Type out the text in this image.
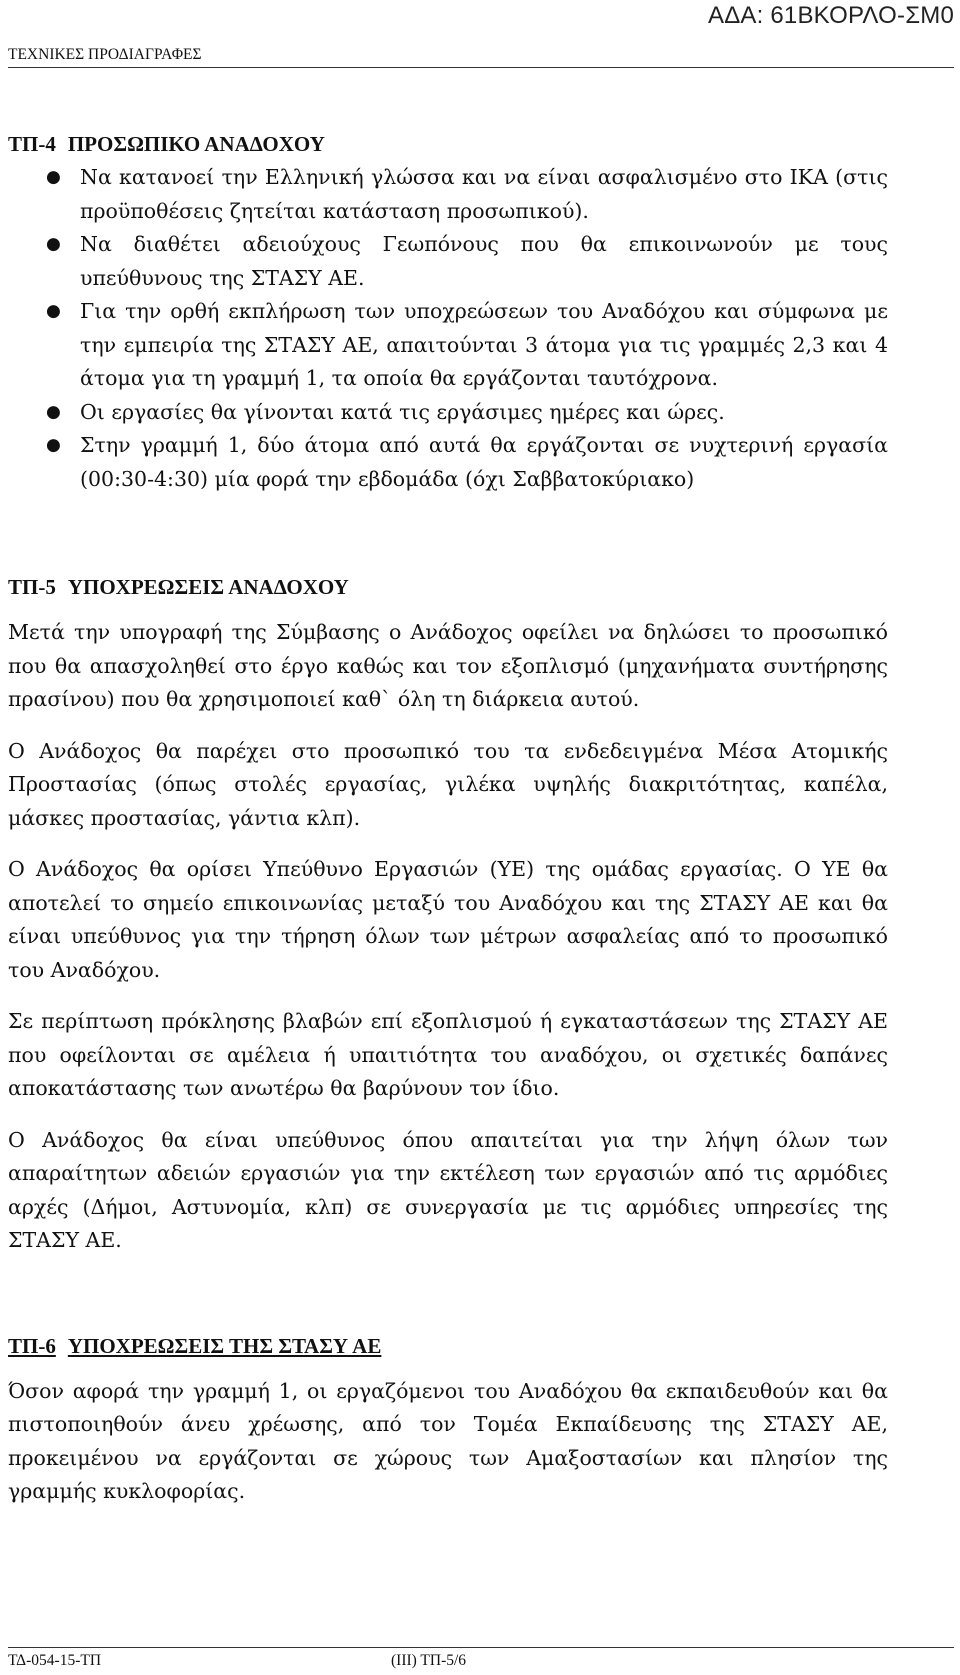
ΑΔΑ: 61ΒΚΟΡΛΟ-ΣΜ0
ΤΕΧΝΙΚΕΣ ΠΡΟΔΙΑΓΡΑΦΕΣ
ΤΠ-4 ΠΡΟΣΩΠΙΚΟ ΑΝΑΔΟΧΟΥ
● Να κατανοεί την Ελληνική γλώσσα και να είναι ασφαλισμένο στο ΙΚΑ (στις προϋποθέσεις ζητείται κατάσταση προσωπικού).
● Να διαθέτει αδειούχους Γεωπόνους που θα επικοινωνούν με τους υπεύθυνους της ΣΤΑΣΥ ΑΕ.
● Για την ορθή εκπλήρωση των υποχρεώσεων του Αναδόχου και σύμφωνα με την εμπειρία της ΣΤΑΣΥ ΑΕ, απαιτούνται 3 άτομα για τις γραμμές 2,3 και 4 άτομα για τη γραμμή 1, τα οποία θα εργάζονται ταυτόχρονα.
● Οι εργασίες θα γίνονται κατά τις εργάσιμες ημέρες και ώρες.
● Στην γραμμή 1, δύο άτομα από αυτά θα εργάζονται σε νυχτερινή εργασία (00:30-4:30) μία φορά την εβδομάδα (όχι Σαββατοκύριακο)
ΤΠ-5 ΥΠΟΧΡΕΩΣΕΙΣ ΑΝΑΔΟΧΟΥ

Μετά την υπογραφή της Σύμβασης ο Ανάδοχος οφείλει να δηλώσει το προσωπικό που θα απασχοληθεί στο έργο καθώς και τον εξοπλισμό (μηχανήματα συντήρησης πρασίνου) που θα χρησιμοποιεί καθ` όλη τη διάρκεια αυτού.

Ο Ανάδοχος θα παρέχει στο προσωπικό του τα ενδεδειγμένα Μέσα Ατομικής Προστασίας (όπως στολές εργασίας, γιλέκα υψηλής διακριτότητας, καπέλα, μάσκες προστασίας, γάντια κλπ).

Ο Ανάδοχος θα ορίσει Υπεύθυνο Εργασιών (ΥΕ) της ομάδας εργασίας. Ο ΥΕ θα αποτελεί το σημείο επικοινωνίας μεταξύ του Αναδόχου και της ΣΤΑΣΥ ΑΕ και θα είναι υπεύθυνος για την τήρηση όλων των μέτρων ασφαλείας από το προσωπικό του Αναδόχου.

Σε περίπτωση πρόκλησης βλαβών επί εξοπλισμού ή εγκαταστάσεων της ΣΤΑΣΥ ΑΕ που οφείλονται σε αμέλεια ή υπαιτιότητα του αναδόχου, οι σχετικές δαπάνες αποκατάστασης των ανωτέρω θα βαρύνουν τον ίδιο.

Ο Ανάδοχος θα είναι υπεύθυνος όπου απαιτείται για την λήψη όλων των απαραίτητων αδειών εργασιών για την εκτέλεση των εργασιών από τις αρμόδιες αρχές (Δήμοι, Αστυνομία, κλπ) σε συνεργασία με τις αρμόδιες υπηρεσίες της ΣΤΑΣΥ ΑΕ.

ΤΠ-6 ΥΠΟΧΡΕΩΣΕΙΣ ΤΗΣ ΣΤΑΣΥ ΑΕ

Όσον αφορά την γραμμή 1, οι εργαζόμενοι του Αναδόχου θα εκπαιδευθούν και θα πιστοποιηθούν άνευ χρέωσης, από τον Τομέα Εκπαίδευσης της ΣΤΑΣΥ ΑΕ, προκειμένου να εργάζονται σε χώρους των Αμαξοστασίων και πλησίον της γραμμής κυκλοφορίας.

ΤΔ-054-15-ΤΠ	(ΙΙΙ) ΤΠ-5/6
